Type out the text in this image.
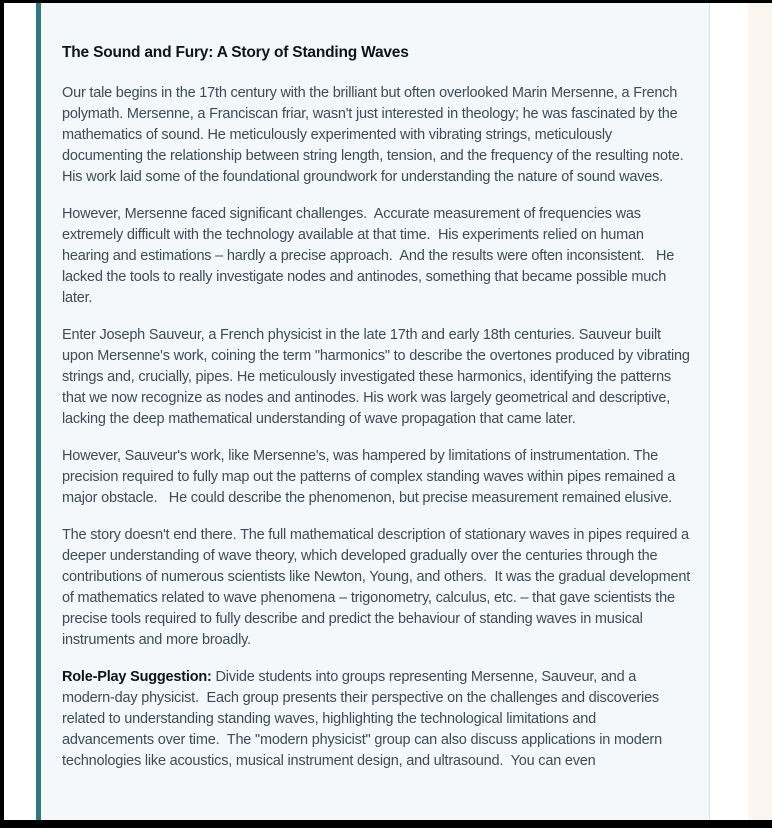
The Sound and Fury: A Story of Standing Waves

Our tale begins in the 17th century with the brilliant but often overlooked Marin Mersenne, a French polymath. Mersenne, a Franciscan friar, wasn't just interested in theology; he was fascinated by the mathematics of sound. He meticulously experimented with vibrating strings, meticulously documenting the relationship between string length, tension, and the frequency of the resulting note. His work laid some of the foundational groundwork for understanding the nature of sound waves.

However, Mersenne faced significant challenges.  Accurate measurement of frequencies was extremely difficult with the technology available at that time.  His experiments relied on human hearing and estimations – hardly a precise approach.  And the results were often inconsistent.   He lacked the tools to really investigate nodes and antinodes, something that became possible much later.

Enter Joseph Sauveur, a French physicist in the late 17th and early 18th centuries. Sauveur built upon Mersenne's work, coining the term "harmonics" to describe the overtones produced by vibrating strings and, crucially, pipes. He meticulously investigated these harmonics, identifying the patterns that we now recognize as nodes and antinodes. His work was largely geometrical and descriptive, lacking the deep mathematical understanding of wave propagation that came later.

However, Sauveur's work, like Mersenne's, was hampered by limitations of instrumentation. The precision required to fully map out the patterns of complex standing waves within pipes remained a major obstacle.   He could describe the phenomenon, but precise measurement remained elusive.

The story doesn't end there. The full mathematical description of stationary waves in pipes required a deeper understanding of wave theory, which developed gradually over the centuries through the contributions of numerous scientists like Newton, Young, and others.  It was the gradual development of mathematics related to wave phenomena – trigonometry, calculus, etc. – that gave scientists the precise tools required to fully describe and predict the behaviour of standing waves in musical instruments and more broadly.

Role-Play Suggestion: Divide students into groups representing Mersenne, Sauveur, and a modern-day physicist.  Each group presents their perspective on the challenges and discoveries related to understanding standing waves, highlighting the technological limitations and advancements over time.  The "modern physicist" group can also discuss applications in modern technologies like acoustics, musical instrument design, and ultrasound.  You can even
